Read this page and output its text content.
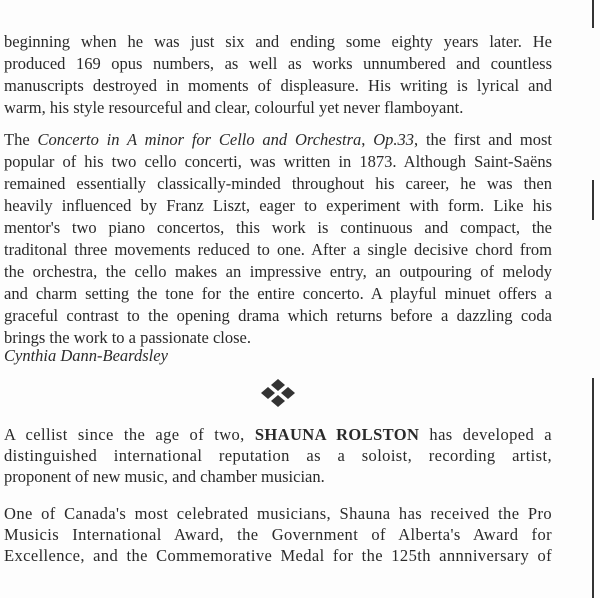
beginning when he was just six and ending some eighty years later. He
produced 169 opus numbers, as well as works unnumbered and countless
manuscripts destroyed in moments of displeasure. His writing is lyrical and
warm, his style resourceful and clear, colourful yet never flamboyant.
The Concerto in A minor for Cello and Orchestra, Op.33, the first and most
popular of his two cello concerti, was written in 1873. Although Saint-Saëns
remained essentially classically-minded throughout his career, he was then
heavily influenced by Franz Liszt, eager to experiment with form. Like his
mentor's two piano concertos, this work is continuous and compact, the
traditonal three movements reduced to one. After a single decisive chord from
the orchestra, the cello makes an impressive entry, an outpouring of melody
and charm setting the tone for the entire concerto. A playful minuet offers a
graceful contrast to the opening drama which returns before a dazzling coda
brings the work to a passionate close.
Cynthia Dann-Beardsley
A cellist since the age of two, SHAUNA ROLSTON has developed a
distinguished international reputation as a soloist, recording artist,
proponent of new music, and chamber musician.
One of Canada's most celebrated musicians, Shauna has received the Pro
Musicis International Award, the Government of Alberta's Award for
Excellence, and the Commemorative Medal for the 125th annniversary of
